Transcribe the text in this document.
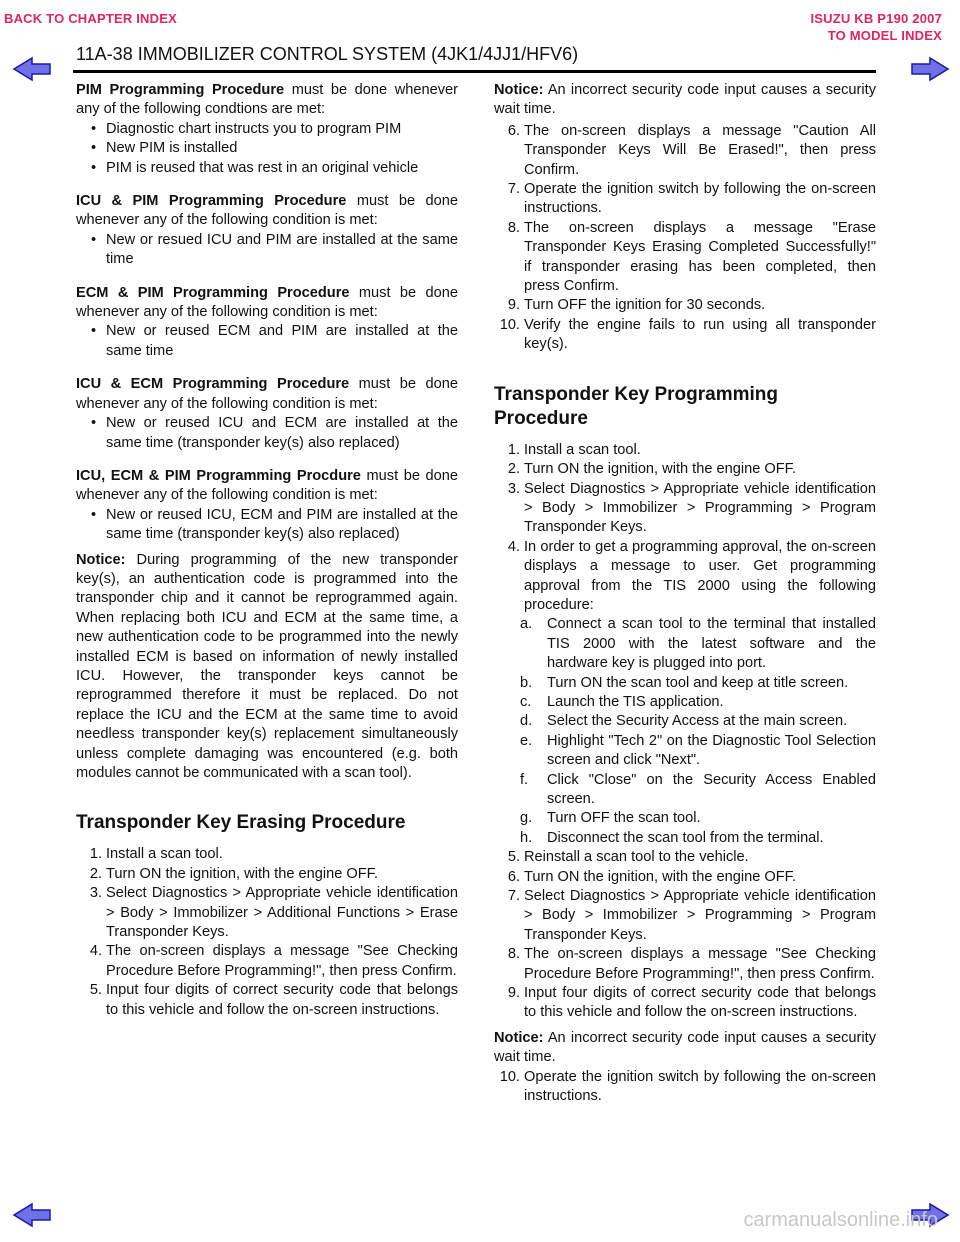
BACK TO CHAPTER INDEX	ISUZU KB P190 2007
TO MODEL INDEX
11A-38 IMMOBILIZER CONTROL SYSTEM (4JK1/4JJ1/HFV6)

PIM Programming Procedure must be done whenever any of the following condtions are met:

• Diagnostic chart instructs you to program PIM

• New PIM is installed

• PIM is reused that was rest in an original vehicle

ICU & PIM Programming Procedure must be done whenever any of the following condition is met:

• New or resued ICU and PIM are installed at the same time

ECM & PIM Programming Procedure must be done whenever any of the following condition is met:

• New or reused ECM and PIM are installed at the same time

ICU & ECM Programming Procedure must be done whenever any of the following condition is met:

• New or reused ICU and ECM are installed at the same time (transponder key(s) also replaced)

ICU, ECM & PIM Programming Procdure must be done whenever any of the following condition is met:

• New or reused ICU, ECM and PIM are installed at the same time (transponder key(s) also replaced)

Notice: During programming of the new transponder key(s), an authentication code is programmed into the transponder chip and it cannot be reprogrammed again. When replacing both ICU and ECM at the same time, a new authentication code to be programmed into the newly installed ECM is based on information of newly installed ICU. However, the transponder keys cannot be reprogrammed therefore it must be replaced. Do not replace the ICU and the ECM at the same time to avoid needless transponder key(s) replacement simultaneously unless complete damaging was encountered (e.g. both modules cannot be communicated with a scan tool).

Transponder Key Erasing Procedure

1. Install a scan tool.

2. Turn ON the ignition, with the engine OFF.

3. Select Diagnostics > Appropriate vehicle identification > Body > Immobilizer > Additional Functions > Erase Transponder Keys.

4. The on-screen displays a message "See Checking Procedure Before Programming!", then press Confirm.

5. Input four digits of correct security code that belongs to this vehicle and follow the on-screen instructions.

Notice: An incorrect security code input causes a security wait time.

6. The on-screen displays a message "Caution All Transponder Keys Will Be Erased!", then press Confirm.

7. Operate the ignition switch by following the on-screen instructions.

8. The on-screen displays a message "Erase Transponder Keys Erasing Completed Successfully!" if transponder erasing has been completed, then press Confirm.

9. Turn OFF the ignition for 30 seconds.

10. Verify the engine fails to run using all transponder key(s).

Transponder Key Programming Procedure

1. Install a scan tool.

2. Turn ON the ignition, with the engine OFF.

3. Select Diagnostics > Appropriate vehicle identification > Body > Immobilizer > Programming > Program Transponder Keys.

4. In order to get a programming approval, the on-screen displays a message to user. Get programming approval from the TIS 2000 using the following procedure:

a.	Connect a scan tool to the terminal that installed TIS 2000 with the latest software and the hardware key is plugged into port.

b.	Turn ON the scan tool and keep at title screen.

c.	Launch the TIS application.

d.	Select the Security Access at the main screen.

e.	Highlight "Tech 2" on the Diagnostic Tool Selection screen and click "Next".

f.	Click "Close" on the Security Access Enabled screen.

g.	Turn OFF the scan tool.

h.	Disconnect the scan tool from the terminal.

5. Reinstall a scan tool to the vehicle.

6. Turn ON the ignition, with the engine OFF.

7. Select Diagnostics > Appropriate vehicle identification > Body > Immobilizer > Programming > Program Transponder Keys.

8. The on-screen displays a message "See Checking Procedure Before Programming!", then press Confirm.

9. Input four digits of correct security code that belongs to this vehicle and follow the on-screen instructions.

Notice: An incorrect security code input causes a security wait time.

10. Operate the ignition switch by following the on-screen instructions.

carmanualsonline.info
